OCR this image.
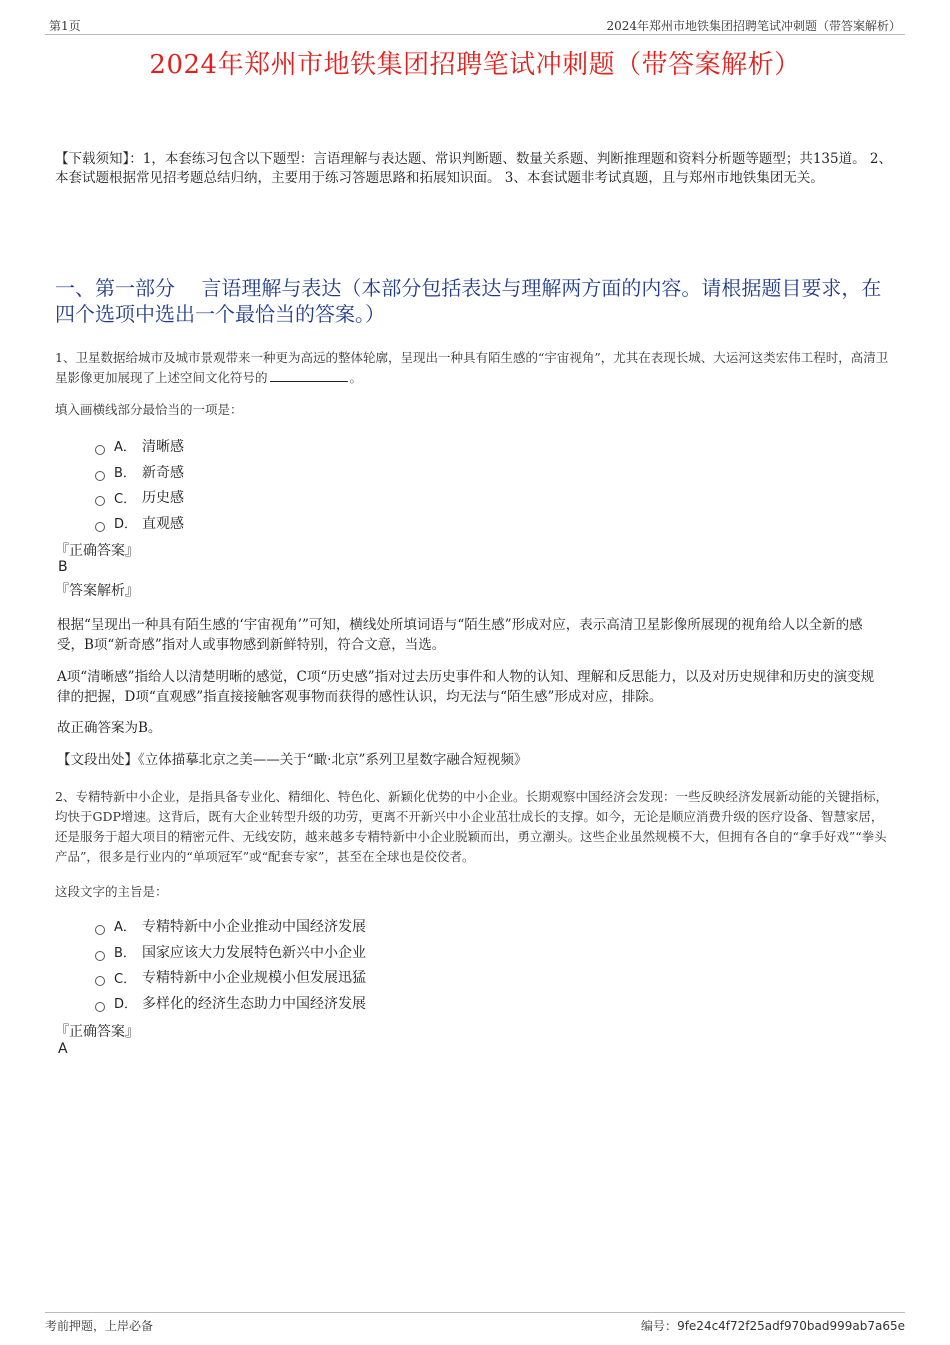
第1页	2024年郑州市地铁集团招聘笔试冲刺题（带答案解析）
2024年郑州市地铁集团招聘笔试冲刺题（带答案解析）
【下载须知】：1，本套练习包含以下题型：言语理解与表达题、常识判断题、数量关系题、判断推理题和资料分析题等题型；共135道。 2、本套试题根据常见招考题总结归纳，主要用于练习答题思路和拓展知识面。 3、本套试题非考试真题，且与郑州市地铁集团无关。
一、第一部分　 言语理解与表达（本部分包括表达与理解两方面的内容。请根据题目要求，在四个选项中选出一个最恰当的答案。）
1、卫星数据给城市及城市景观带来一种更为高远的整体轮廓，呈现出一种具有陌生感的“宇宙视角”，尤其在表现长城、大运河这类宏伟工程时，高清卫星影像更加展现了上述空间文化符号的	。
填入画横线部分最恰当的一项是：
A． 清晰感
B． 新奇感
C． 历史感
D． 直观感
『正确答案』
B
『答案解析』
根据“呈现出一种具有陌生感的‘宇宙视角’”可知，横线处所填词语与“陌生感”形成对应，表示高清卫星影像所展现的视角给人以全新的感受，B项“新奇感”指对人或事物感到新鲜特别，符合文意，当选。
A项“清晰感”指给人以清楚明晰的感觉，C项“历史感”指对过去历史事件和人物的认知、理解和反思能力，以及对历史规律和历史的演变规律的把握，D项“直观感”指直接接触客观事物而获得的感性认识，均无法与“陌生感”形成对应，排除。
故正确答案为B。
【文段出处】《立体描摹北京之美——关于“瞰·北京”系列卫星数字融合短视频》
2、专精特新中小企业，是指具备专业化、精细化、特色化、新颖化优势的中小企业。长期观察中国经济会发现：一些反映经济发展新动能的关键指标，均快于GDP增速。这背后，既有大企业转型升级的功劳，更离不开新兴中小企业茁壮成长的支撑。如今，无论是顺应消费升级的医疗设备、智慧家居，还是服务于超大项目的精密元件、无线安防，越来越多专精特新中小企业脱颖而出，勇立潮头。这些企业虽然规模不大，但拥有各自的“拿手好戏”“拳头产品”，很多是行业内的“单项冠军”或“配套专家”，甚至在全球也是佼佼者。
这段文字的主旨是：
A． 专精特新中小企业推动中国经济发展
B． 国家应该大力发展特色新兴中小企业
C． 专精特新中小企业规模小但发展迅猛
D． 多样化的经济生态助力中国经济发展
『正确答案』
A
考前押题，上岸必备	编号：9fe24c4f72f25adf970bad999ab7a65e
